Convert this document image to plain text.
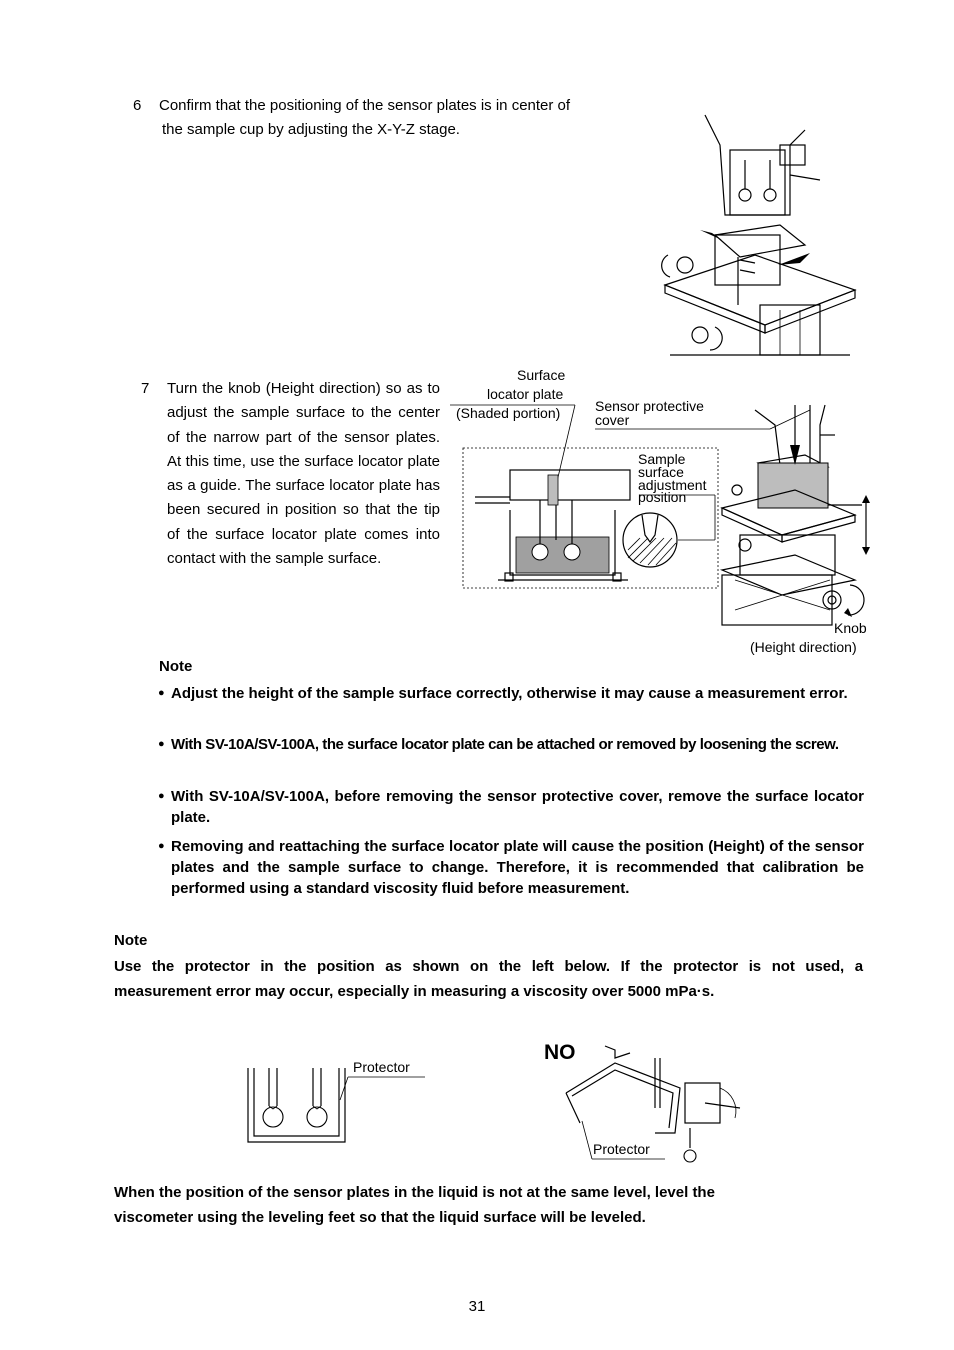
6 Confirm that the positioning of the sensor plates is in center of
the sample cup by adjusting the X-Y-Z stage.
7 Turn the knob (Height direction) so as to adjust the sample surface to the center of the narrow part of the sensor plates. At this time, use the surface locator plate as a guide. The surface locator plate has been secured in position so that the tip of the surface locator plate comes into contact with the sample surface.
Surface
locator plate
(Shaded portion) Sensor protective
cover
Sample
surface
adjustment
position
Knob
(Height direction)
Note
● Adjust the height of the sample surface correctly, otherwise it may cause a measurement error.
● With SV-10A/SV-100A, the surface locator plate can be attached or removed by loosening the screw.
● With SV-10A/SV-100A, before removing the sensor protective cover, remove the surface locator plate.
● Removing and reattaching the surface locator plate will cause the position (Height) of the sensor plates and the sample surface to change. Therefore, it is recommended that calibration be performed using a standard viscosity fluid before measurement.
Note
Use the protector in the position as shown on the left below. If the protector is not used, a
measurement error may occur, especially in measuring a viscosity over 5000 mPa·s.
Protector
NO
Protector
When the position of the sensor plates in the liquid is not at the same level, level the
viscometer using the leveling feet so that the liquid surface will be leveled.
31
